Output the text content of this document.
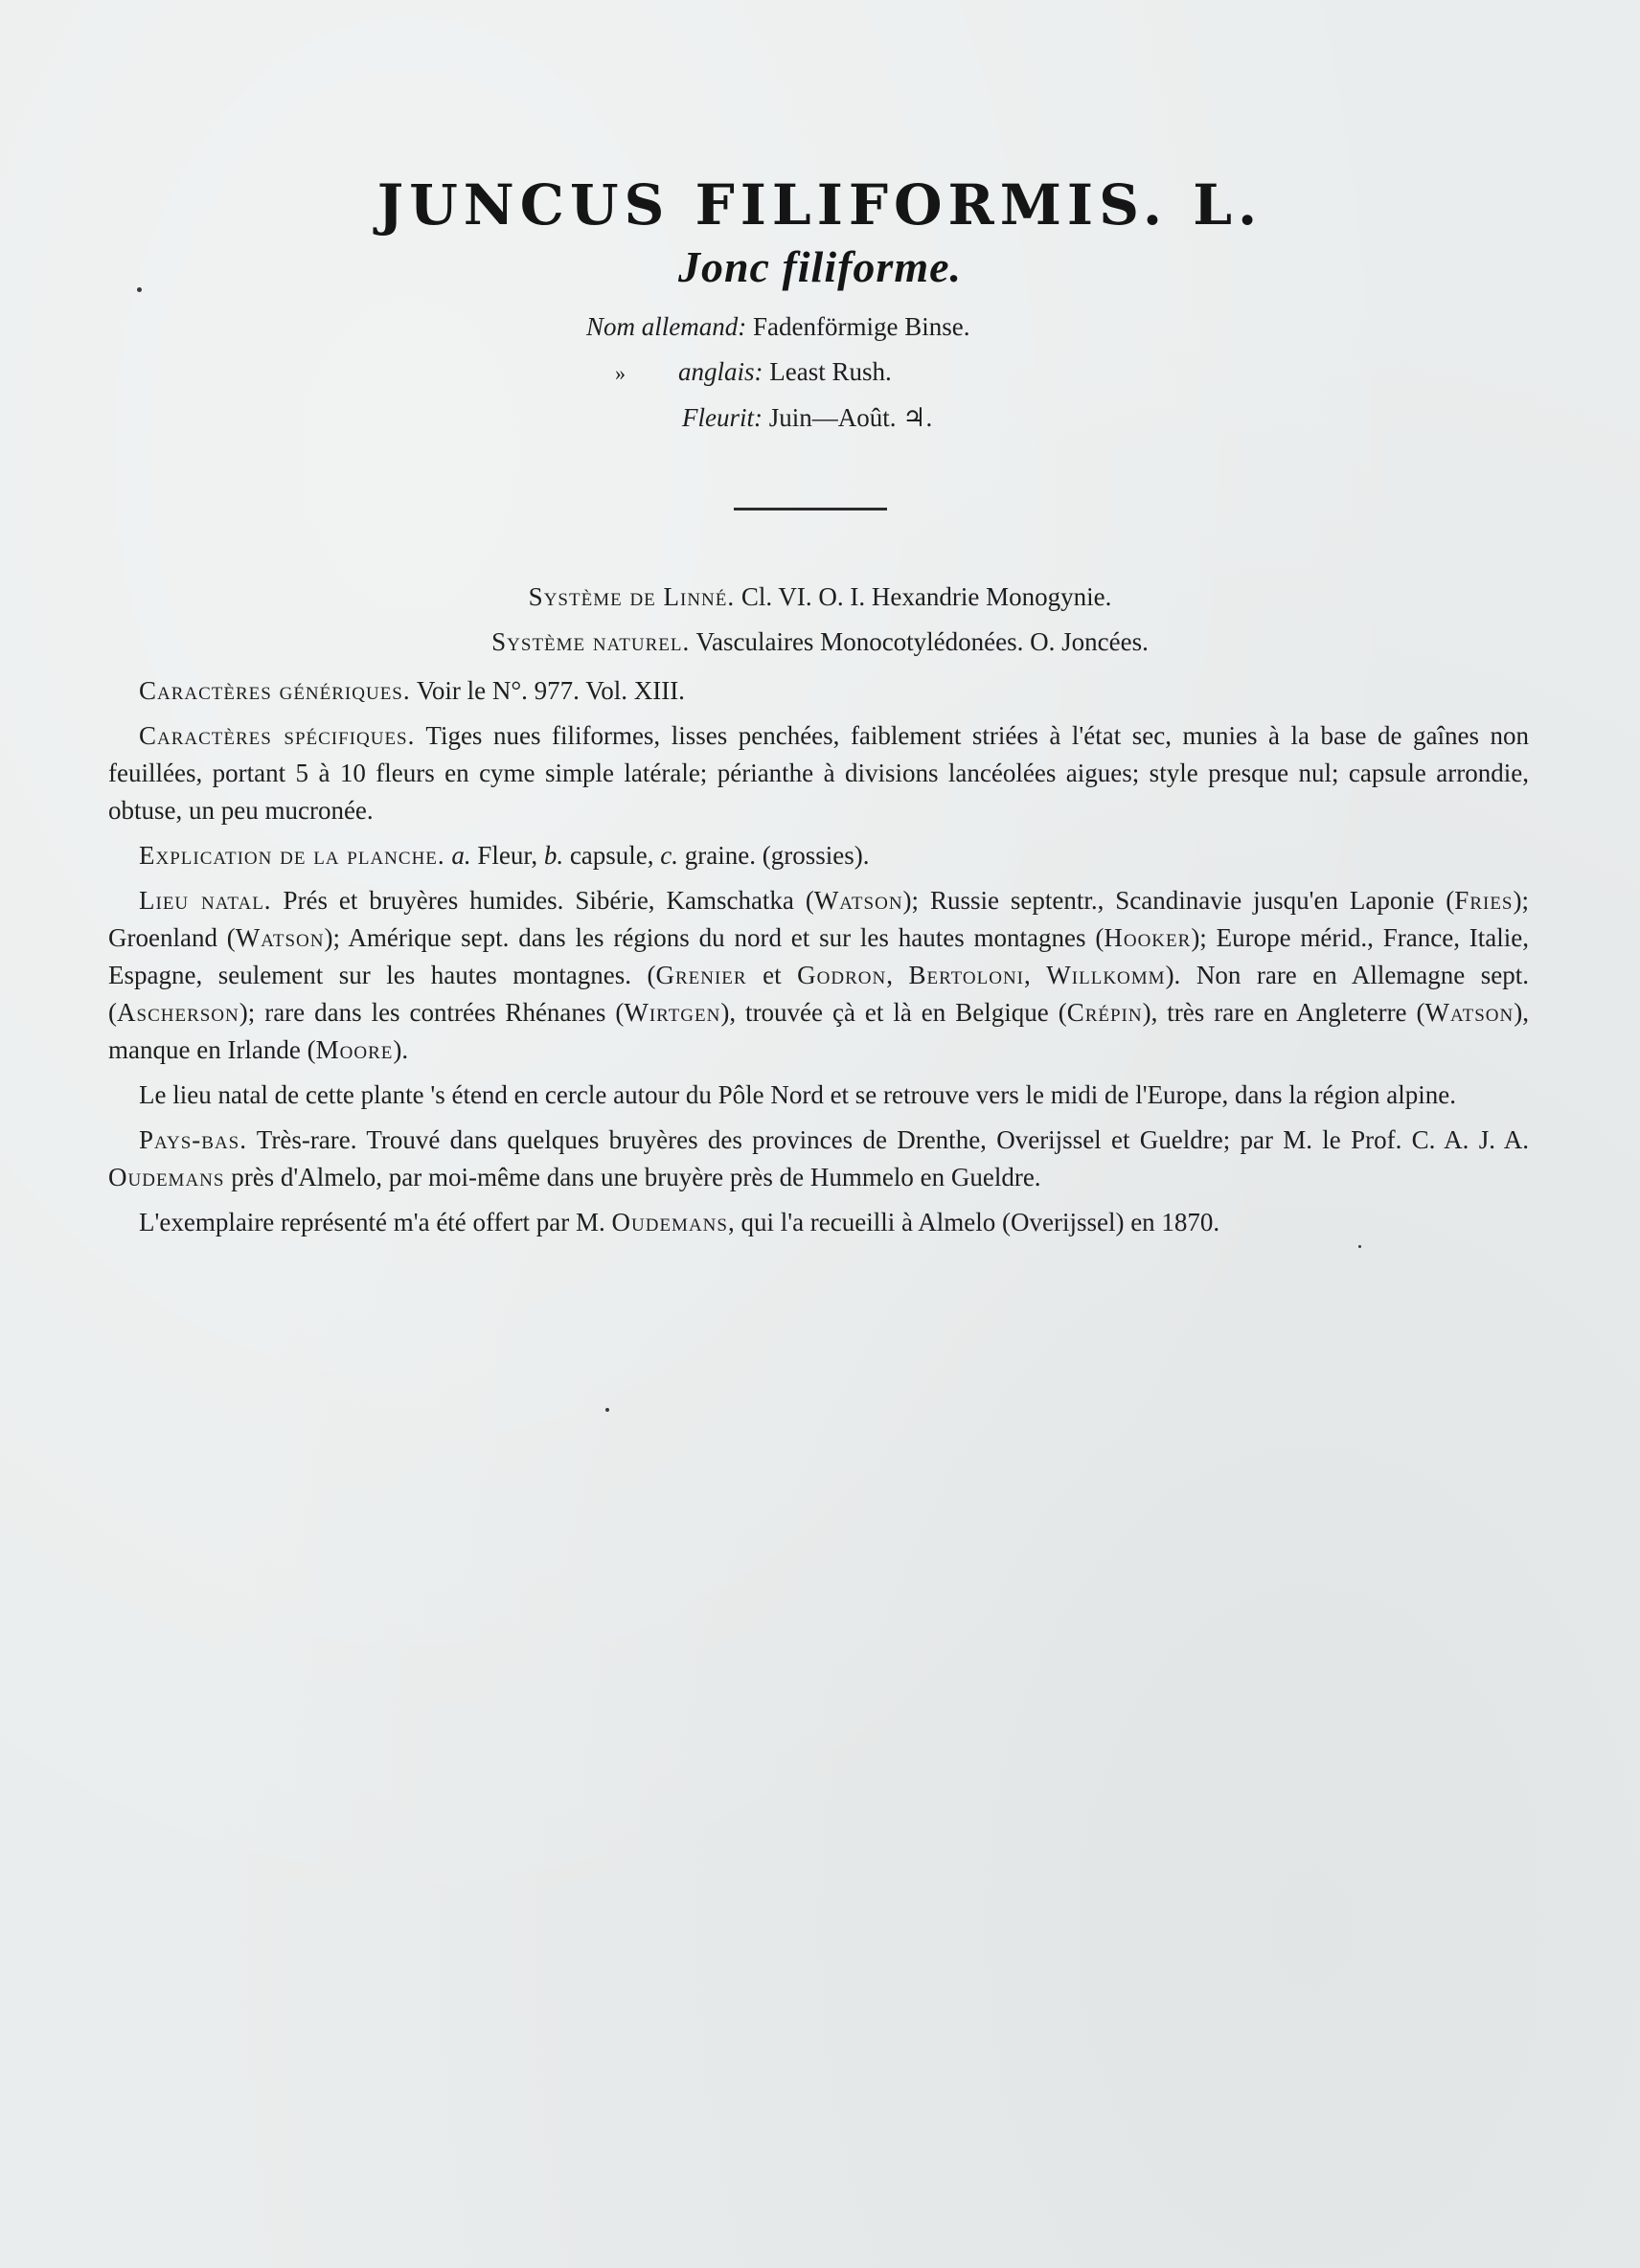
JUNCUS FILIFORMIS. L.
Jonc filiforme.
Nom allemand: Fadenförmige Binse.
» anglais: Least Rush.
Fleurit: Juin—Août. ♃.
Système de Linné. Cl. VI. O. I. Hexandrie Monogynie.
Système naturel. Vasculaires Monocotylédonées. O. Joncées.

Caractères génériques. Voir le N°. 977. Vol. XIII.

Caractères spécifiques. Tiges nues filiformes, lisses penchées, faiblement striées à l'état sec, munies à la base de gaînes non feuillées, portant 5 à 10 fleurs en cyme simple latérale; périanthe à divisions lancéolées aigues; style presque nul; capsule arrondie, obtuse, un peu mucronée.

Explication de la planche. a. Fleur, b. capsule, c. graine. (grossies).

Lieu natal. Prés et bruyères humides. Sibérie, Kamschatka (Watson); Russie septentr., Scandinavie jusqu'en Laponie (Fries); Groenland (Watson); Amérique sept. dans les régions du nord et sur les hautes montagnes (Hooker); Europe mérid., France, Italie, Espagne, seulement sur les hautes montagnes. (Grenier et Godron, Bertoloni, Willkomm). Non rare en Allemagne sept. (Ascherson); rare dans les contrées Rhénanes (Wirtgen), trouvée çà et là en Belgique (Crépin), très rare en Angleterre (Watson), manque en Irlande (Moore).

Le lieu natal de cette plante 's étend en cercle autour du Pôle Nord et se retrouve vers le midi de l'Europe, dans la région alpine.

Pays-bas. Très-rare. Trouvé dans quelques bruyères des provinces de Drenthe, Overijssel et Gueldre; par M. le Prof. C. A. J. A. Oudemans près d'Almelo, par moi-même dans une bruyère près de Hummelo en Gueldre.

L'exemplaire représenté m'a été offert par M. Oudemans, qui l'a recueilli à Almelo (Overijssel) en 1870.
